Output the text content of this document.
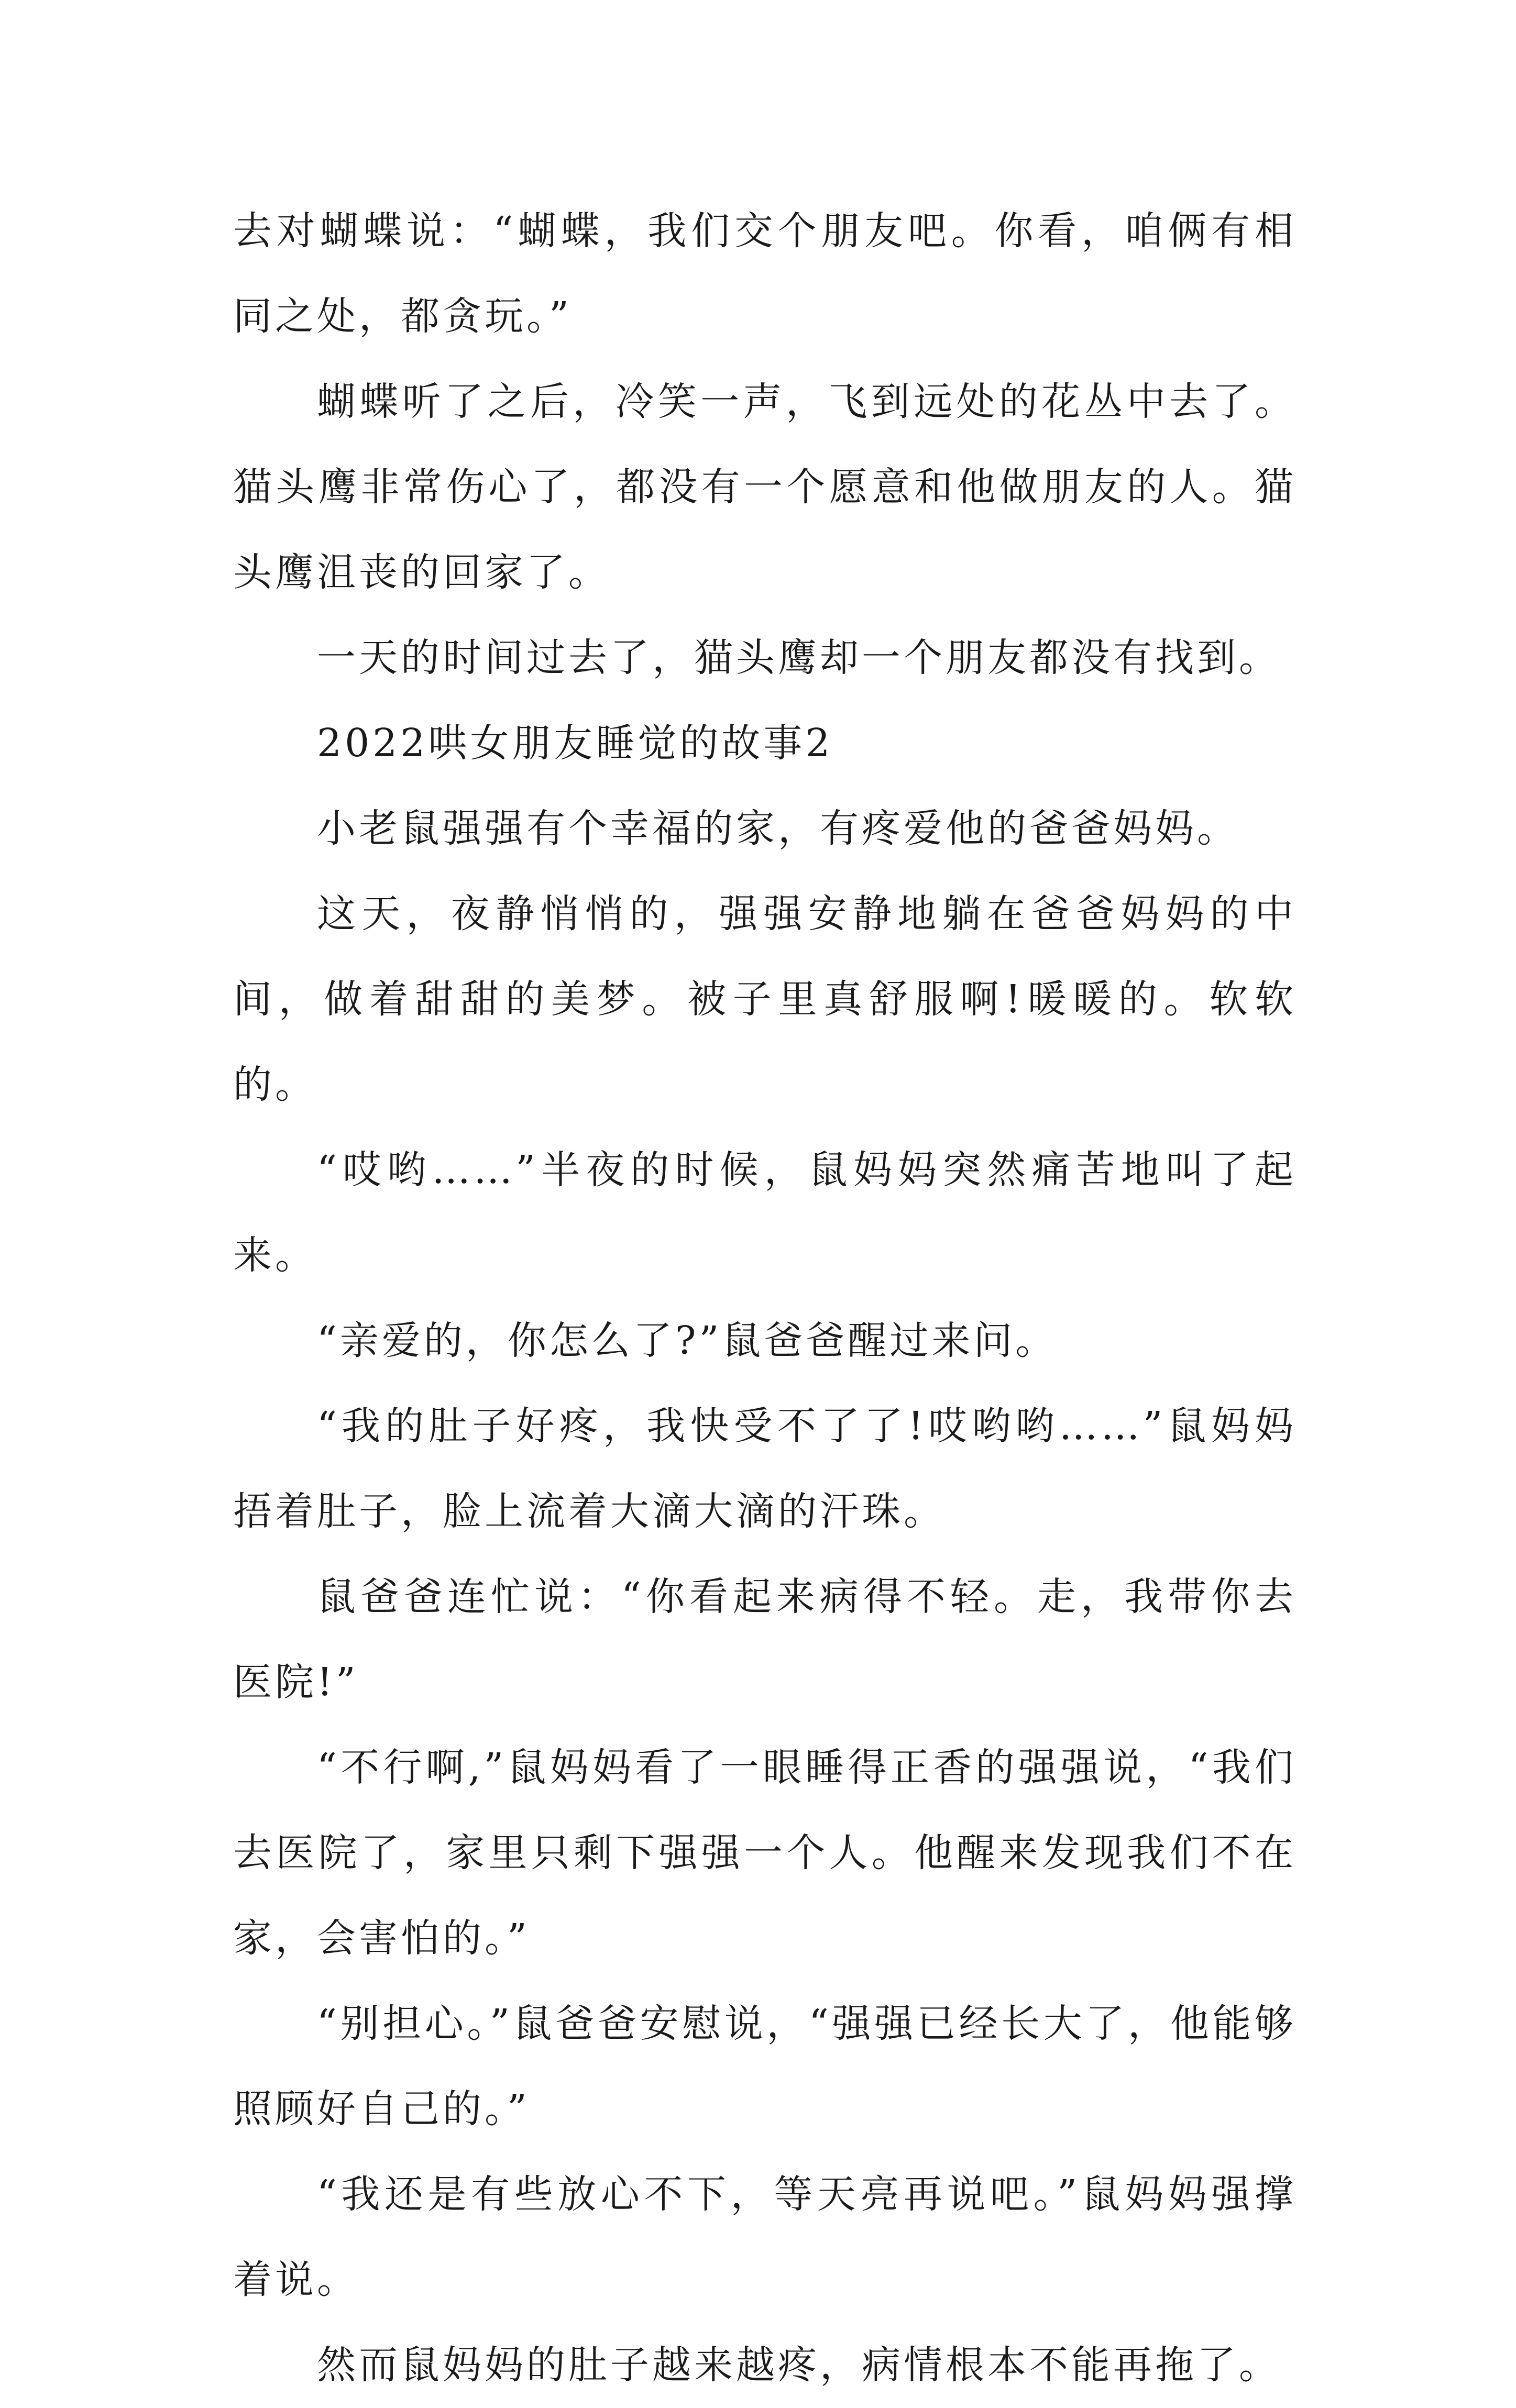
去对蝴蝶说：“蝴蝶，我们交个朋友吧。你看，咱俩有相同之处，都贪玩。”

蝴蝶听了之后，冷笑一声，飞到远处的花丛中去了。猫头鹰非常伤心了，都没有一个愿意和他做朋友的人。猫头鹰沮丧的回家了。

一天的时间过去了，猫头鹰却一个朋友都没有找到。

2022哄女朋友睡觉的故事2

小老鼠强强有个幸福的家，有疼爱他的爸爸妈妈。

这天，夜静悄悄的，强强安静地躺在爸爸妈妈的中间，做着甜甜的美梦。被子里真舒服啊!暖暖的。软软的。

“哎哟……”半夜的时候，鼠妈妈突然痛苦地叫了起来。

“亲爱的，你怎么了?”鼠爸爸醒过来问。

“我的肚子好疼，我快受不了了!哎哟哟……”鼠妈妈捂着肚子，脸上流着大滴大滴的汗珠。

鼠爸爸连忙说：“你看起来病得不轻。走，我带你去医院!”

“不行啊,”鼠妈妈看了一眼睡得正香的强强说，“我们去医院了，家里只剩下强强一个人。他醒来发现我们不在家，会害怕的。”

“别担心。”鼠爸爸安慰说，“强强已经长大了，他能够照顾好自己的。”

“我还是有些放心不下，等天亮再说吧。”鼠妈妈强撑着说。

然而鼠妈妈的肚子越来越疼，病情根本不能再拖了。
